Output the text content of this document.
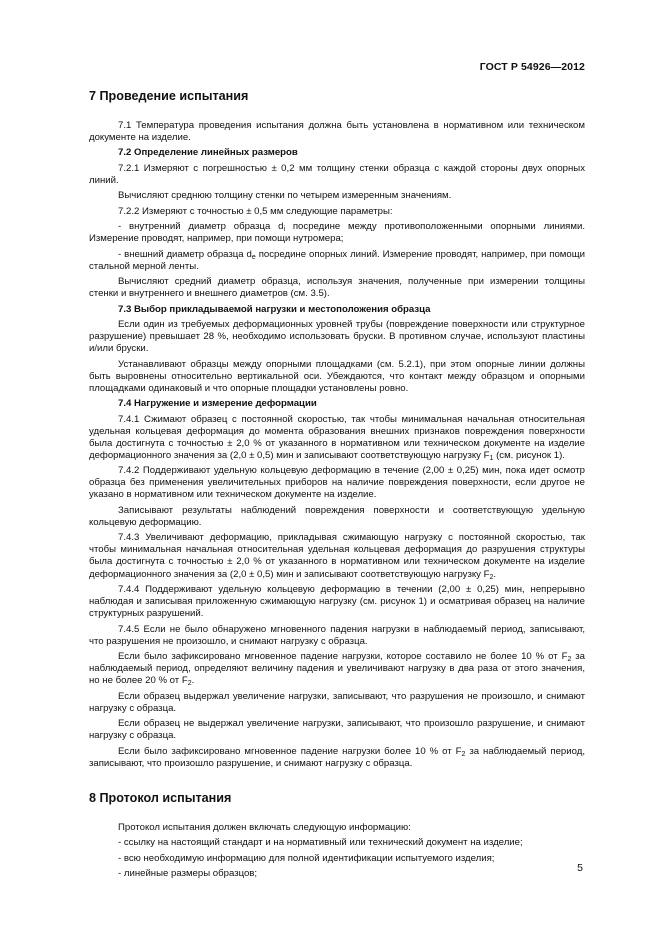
ГОСТ Р 54926—2012
7 Проведение испытания

7.1 Температура проведения испытания должна быть установлена в нормативном или техническом документе на изделие.

7.2 Определение линейных размеров

7.2.1 Измеряют с погрешностью ± 0,2 мм толщину стенки образца с каждой стороны двух опорных линий.

Вычисляют среднюю толщину стенки по четырем измеренным значениям.

7.2.2 Измеряют с точностью ± 0,5 мм следующие параметры:

- внутренний диаметр образца $d_i$ посредине между противоположенными опорными линиями. Измерение проводят, например, при помощи нутромера;

- внешний диаметр образца $d_e$ посредине опорных линий. Измерение проводят, например, при помощи стальной мерной ленты.

Вычисляют средний диаметр образца, используя значения, полученные при измерении толщины стенки и внутреннего и внешнего диаметров (см. 3.5).

7.3 Выбор прикладываемой нагрузки и местоположения образца

Если один из требуемых деформационных уровней трубы (повреждение поверхности или структурное разрушение) превышает 28 %, необходимо использовать бруски. В противном случае, используют пластины и/или бруски.

Устанавливают образцы между опорными площадками (см. 5.2.1), при этом опорные линии должны быть выровнены относительно вертикальной оси. Убеждаются, что контакт между образцом и опорными площадками одинаковый и что опорные площадки установлены ровно.

7.4 Нагружение и измерение деформации

7.4.1 Сжимают образец с постоянной скоростью, так чтобы минимальная начальная относительная удельная кольцевая деформация до момента образования внешних признаков повреждения поверхности была достигнута с точностью ± 2,0 % от указанного в нормативном или техническом документе на изделие деформационного значения за (2,0 ± 0,5) мин и записывают соответствующую нагрузку $F_1$ (см. рисунок 1).

7.4.2 Поддерживают удельную кольцевую деформацию в течение (2,00 ± 0,25) мин, пока идет осмотр образца без применения увеличительных приборов на наличие повреждения поверхности, если другое не указано в нормативном или техническом документе на изделие.

Записывают результаты наблюдений повреждения поверхности и соответствующую удельную кольцевую деформацию.

7.4.3 Увеличивают деформацию, прикладывая сжимающую нагрузку с постоянной скоростью, так чтобы минимальная начальная относительная удельная кольцевая деформация до разрушения структуры была достигнута с точностью ± 2,0 % от указанного в нормативном или техническом документе на изделие деформационного значения за (2,0 ± 0,5) мин и записывают соответствующую нагрузку $F_2$.

7.4.4 Поддерживают удельную кольцевую деформацию в течении (2,00 ± 0,25) мин, непрерывно наблюдая и записывая приложенную сжимающую нагрузку (см. рисунок 1) и осматривая образец на наличие структурных разрушений.

7.4.5 Если не было обнаружено мгновенного падения нагрузки в наблюдаемый период, записывают, что разрушения не произошло, и снимают нагрузку с образца.

Если было зафиксировано мгновенное падение нагрузки, которое составило не более 10 % от $F_2$ за наблюдаемый период, определяют величину падения и увеличивают нагрузку в два раза от этого значения, но не более 20 % от $F_2$.

Если образец выдержал увеличение нагрузки, записывают, что разрушения не произошло, и снимают нагрузку с образца.

Если образец не выдержал увеличение нагрузки, записывают, что произошло разрушение, и снимают нагрузку с образца.

Если было зафиксировано мгновенное падение нагрузки более 10 % от $F_2$ за наблюдаемый период, записывают, что произошло разрушение, и снимают нагрузку с образца.

8 Протокол испытания

Протокол испытания должен включать следующую информацию:

- ссылку на настоящий стандарт и на нормативный или технический документ на изделие;

- всю необходимую информацию для полной идентификации испытуемого изделия;

- линейные размеры образцов;	5
